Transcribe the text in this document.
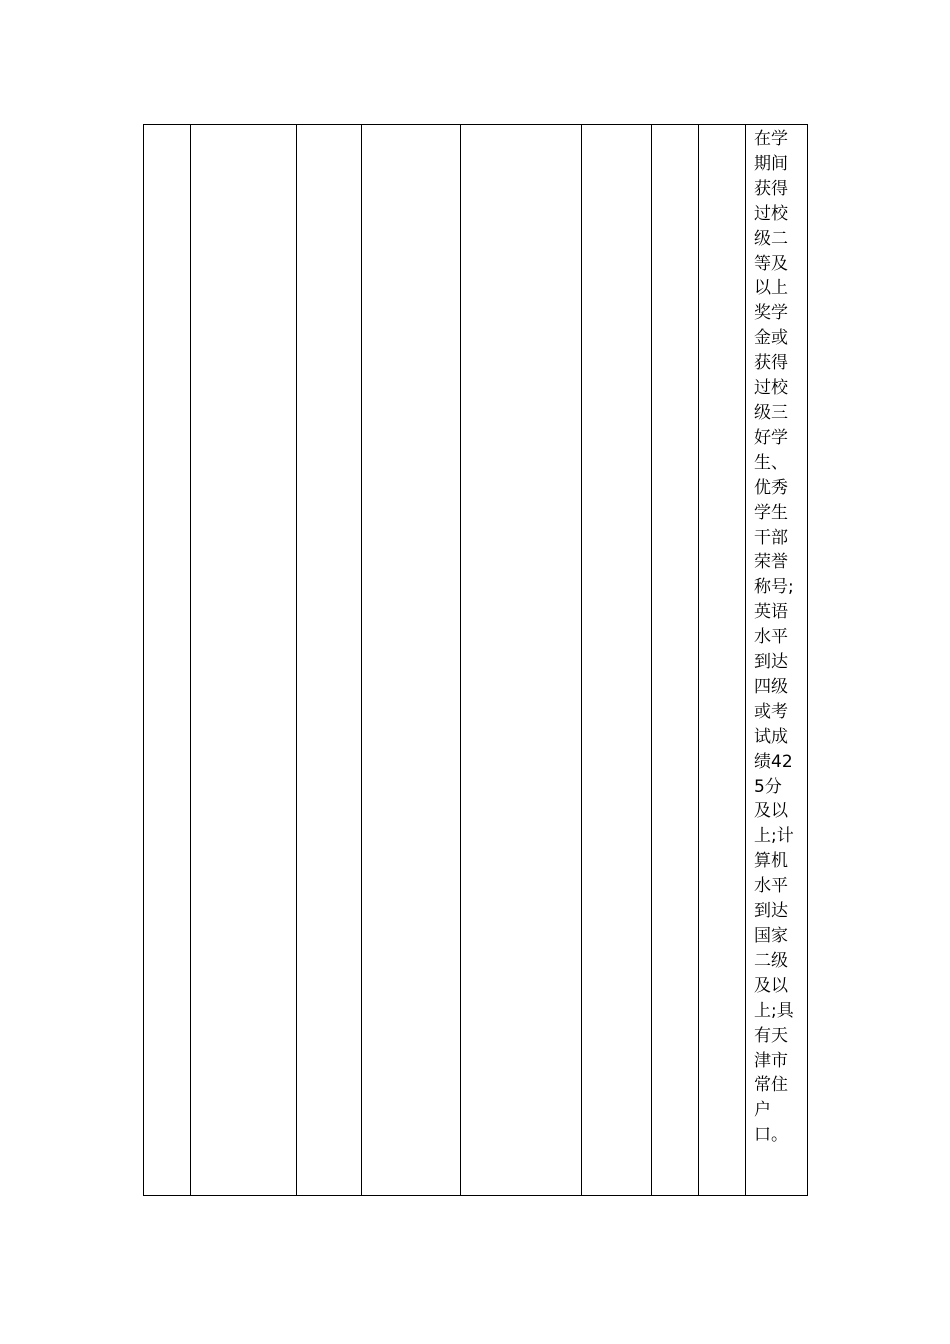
在学期间获得过校级二等及以上奖学金或获得过校级三好学生、优秀学生干部荣誉称号;英语水平到达四级或考试成绩425分及以上;计算机水平到达国家二级及以上;具有天津市常住户口。
